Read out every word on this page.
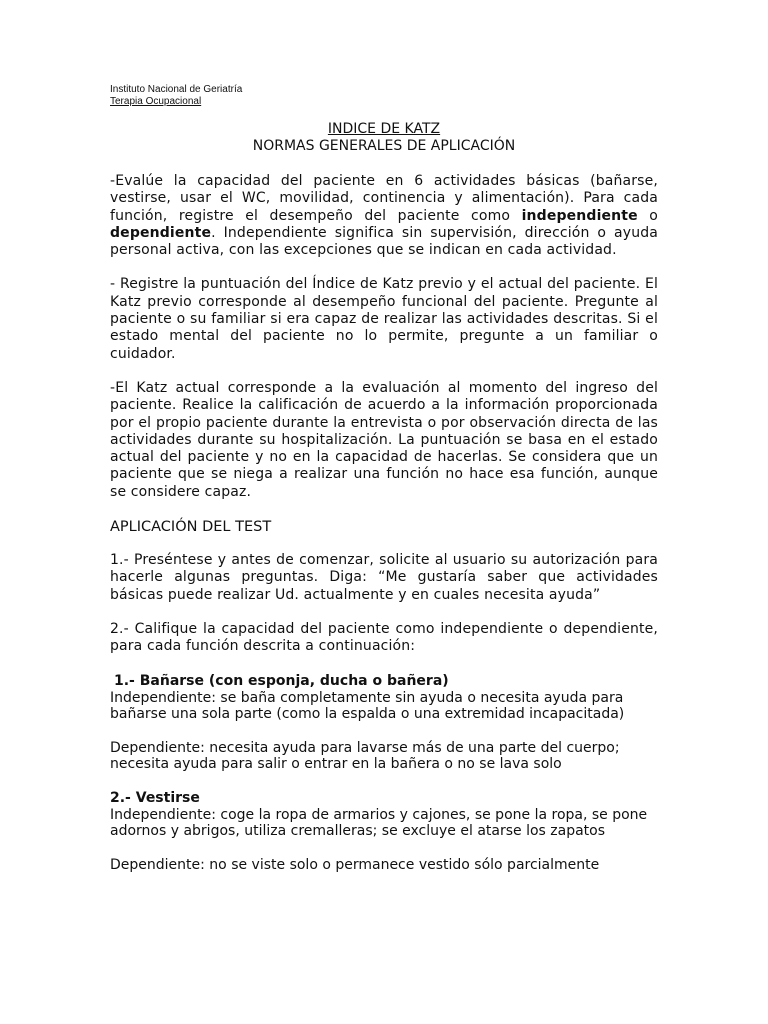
Instituto Nacional de Geriatría

Terapia Ocupacional

INDICE DE KATZ

NORMAS GENERALES DE APLICACIÓN

-Evalúe la capacidad del paciente en 6 actividades básicas (bañarse, vestirse, usar el WC, movilidad, continencia y alimentación). Para cada función, registre el desempeño del paciente como independiente o dependiente. Independiente significa sin supervisión, dirección o ayuda personal activa, con las excepciones que se indican en cada actividad.

- Registre la puntuación del Índice de Katz previo y el actual del paciente. El Katz previo corresponde al desempeño funcional del paciente. Pregunte al paciente o su familiar si era capaz de realizar las actividades descritas. Si el estado mental del paciente no lo permite, pregunte a un familiar o cuidador.

-El Katz actual corresponde a la evaluación al momento del ingreso del paciente. Realice la calificación de acuerdo a la información proporcionada por el propio paciente durante la entrevista o por observación directa de las actividades durante su hospitalización. La puntuación se basa en el estado actual del paciente y no en la capacidad de hacerlas. Se considera que un paciente que se niega a realizar una función no hace esa función, aunque se considere capaz.

APLICACIÓN DEL TEST

1.- Preséntese y antes de comenzar, solicite al usuario su autorización para hacerle algunas preguntas. Diga: “Me gustaría saber que actividades básicas puede realizar Ud. actualmente y en cuales necesita ayuda”

2.- Califique la capacidad del paciente como independiente o dependiente, para cada función descrita a continuación:

1.- Bañarse (con esponja, ducha o bañera)

Independiente: se baña completamente sin ayuda o necesita ayuda para bañarse una sola parte (como la espalda o una extremidad incapacitada)

Dependiente: necesita ayuda para lavarse más de una parte del cuerpo; necesita ayuda para salir o entrar en la bañera o no se lava solo

2.- Vestirse

Independiente: coge la ropa de armarios y cajones, se pone la ropa, se pone adornos y abrigos, utiliza cremalleras; se excluye el atarse los zapatos

Dependiente: no se viste solo o permanece vestido sólo parcialmente
